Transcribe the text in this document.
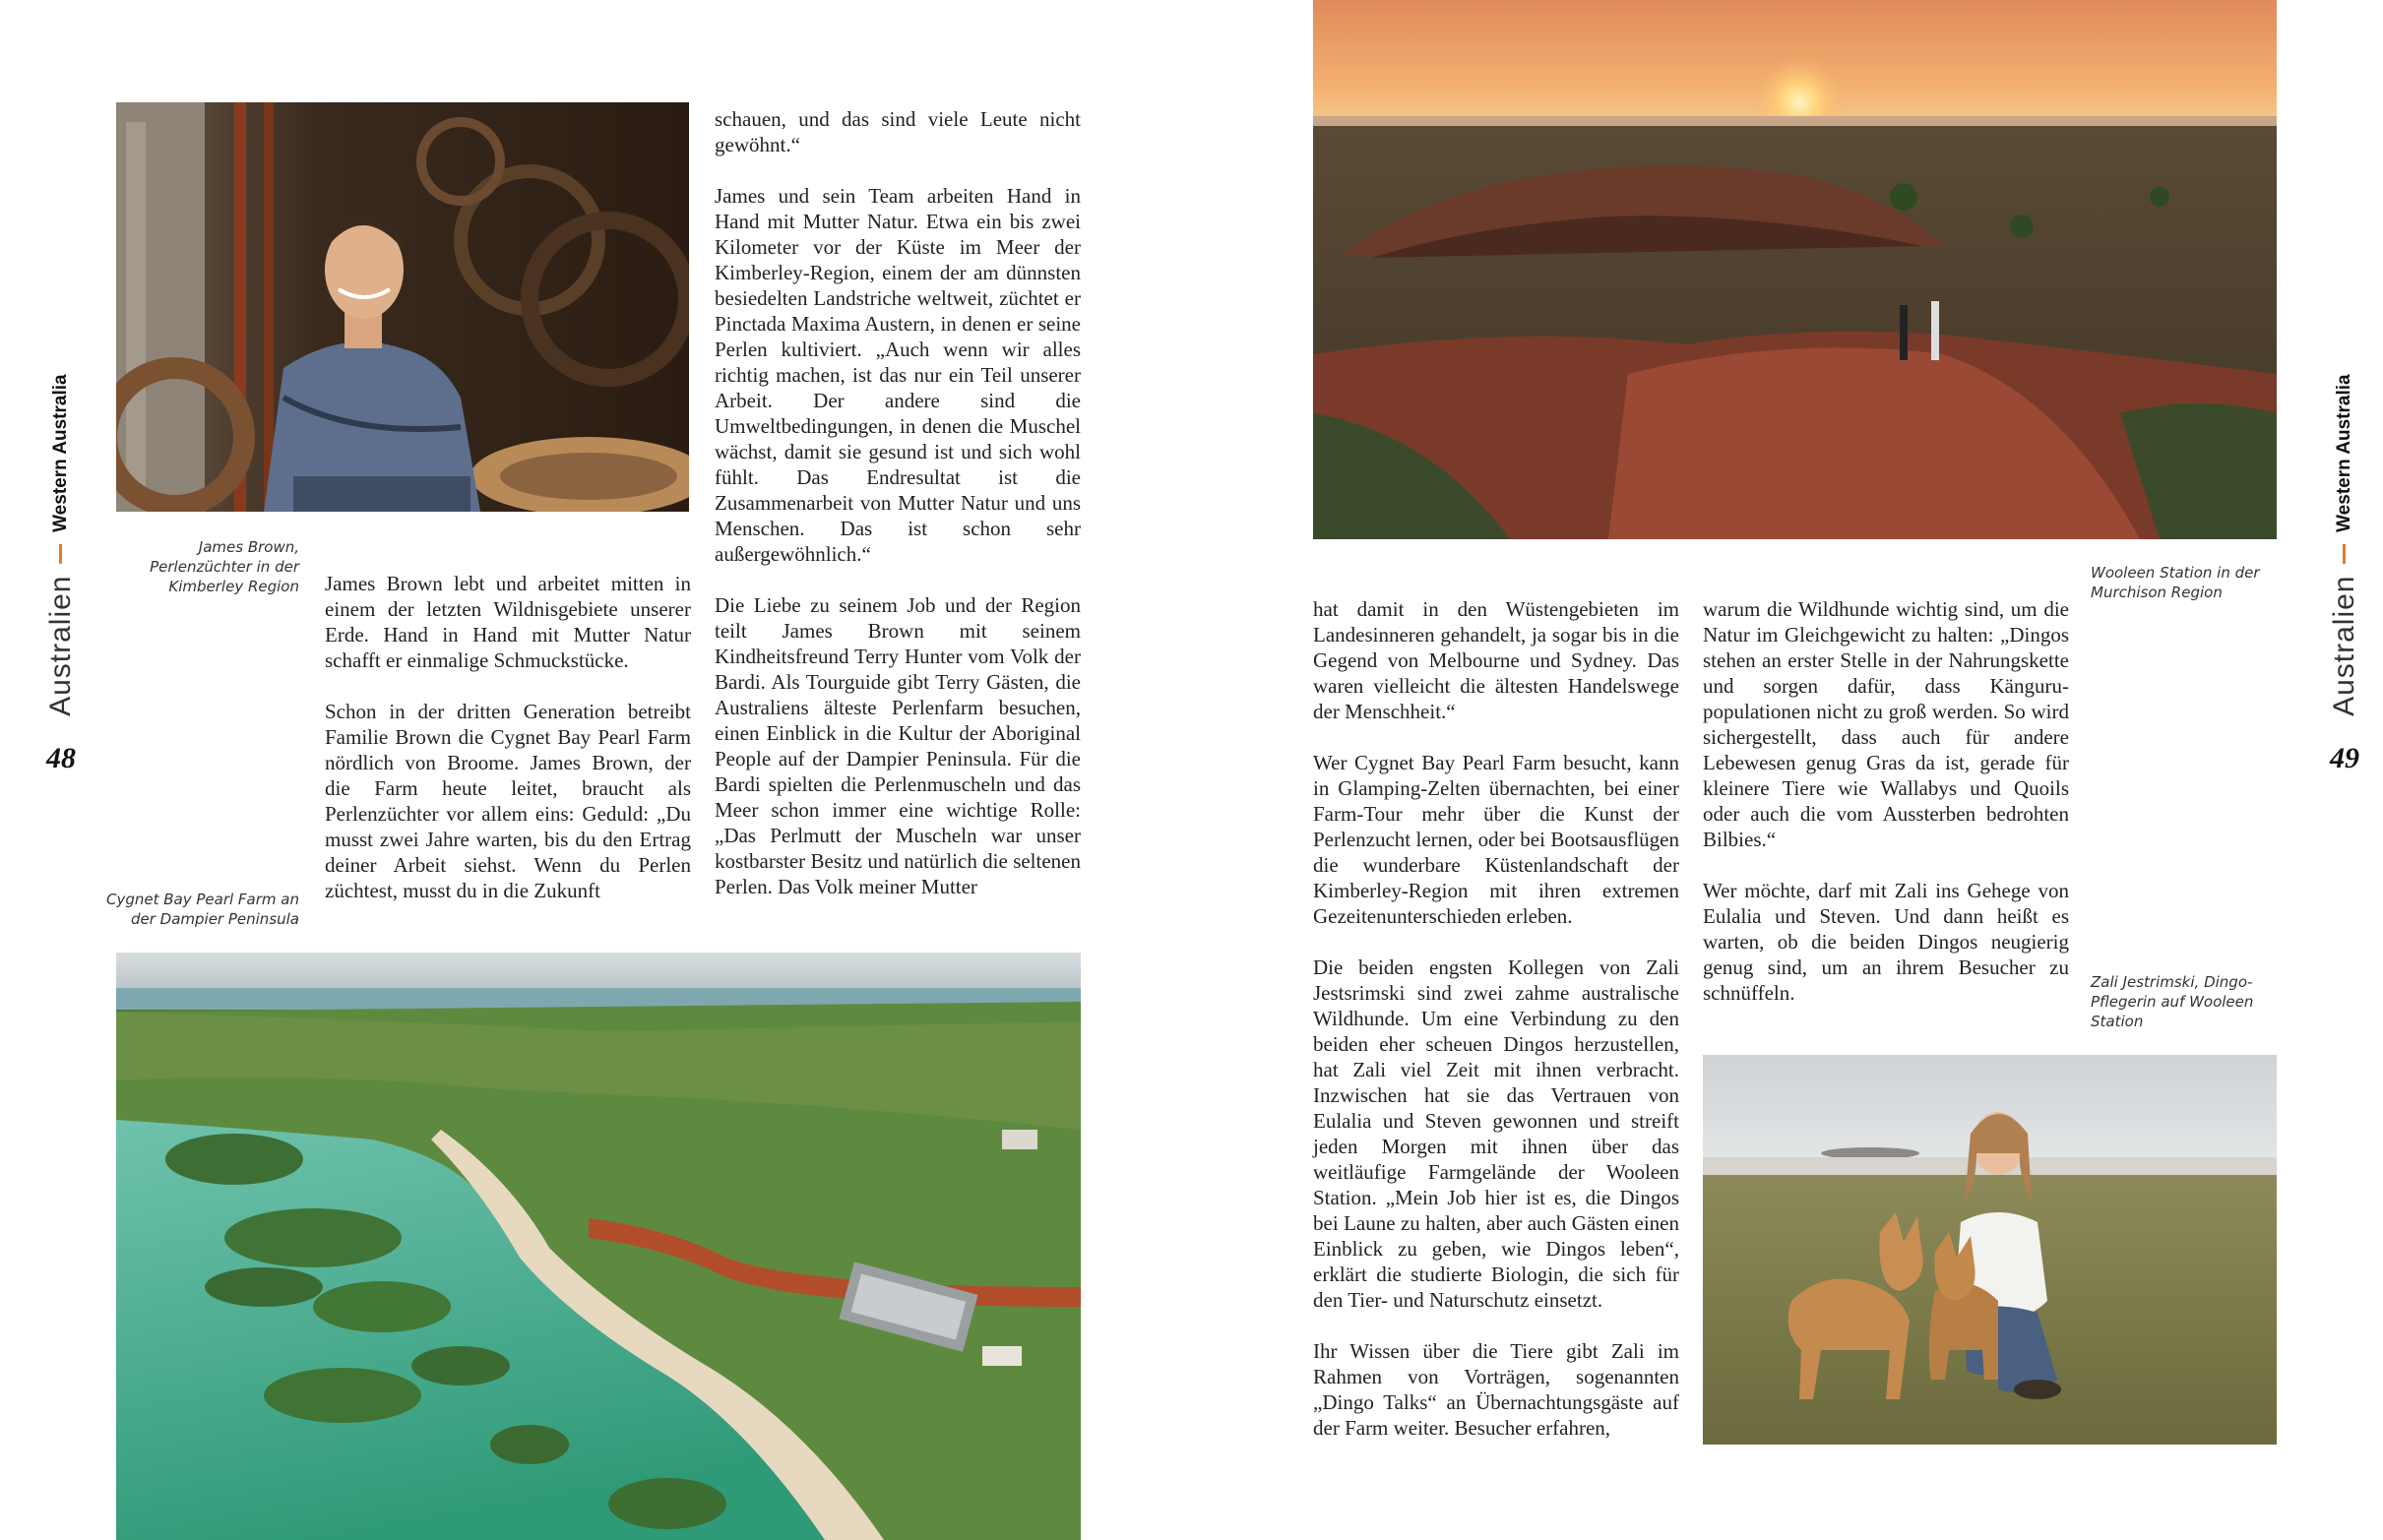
Australien
Western Australia
48
Australien
Western Australia
49
James Brown,
Perlenzüchter in der
Kimberley Region James Brown lebt und arbeitet mitten in einem der letzten Wildnisgebiete unserer Erde. Hand in Hand mit Mutter Natur schafft er einmalige Schmuckstücke.

Schon in der dritten Generation betreibt Familie Brown die Cygnet Bay Pearl Farm nördlich von Broome. James Brown, der die Farm heute leitet, braucht als Perlenzüchter vor allem eins: Geduld: „Du musst zwei Jahre warten, bis du den Ertrag deiner Arbeit siehst. Wenn du Perlen züchtest, musst du in die Zukunft

Cygnet Bay Pearl Farm an
der Dampier Peninsula

schauen, und das sind viele Leute nicht gewöhnt.“

James und sein Team arbeiten Hand in Hand mit Mutter Natur. Etwa ein bis zwei Kilometer vor der Küste im Meer der Kimberley-Region, einem der am dünnsten besiedelten Landstriche weltweit, züchtet er Pinctada Maxima Austern, in denen er seine Perlen kultiviert. „Auch wenn wir alles richtig machen, ist das nur ein Teil unserer Arbeit. Der andere sind die Umweltbedingungen, in denen die Muschel wächst, damit sie gesund ist und sich wohl fühlt. Das Endresultat ist die Zusammenarbeit von Mutter Natur und uns Menschen. Das ist schon sehr außergewöhnlich.“

Die Liebe zu seinem Job und der Region teilt James Brown mit seinem Kindheitsfreund Terry Hunter vom Volk der Bardi. Als Tourguide gibt Terry Gästen, die Australiens älteste Perlenfarm besuchen, einen Einblick in die Kultur der Aboriginal People auf der Dampier Peninsula. Für die Bardi spielten die Perlenmuscheln und das Meer schon immer eine wichtige Rolle: „Das Perlmutt der Muscheln war unser kostbarster Besitz und natürlich die seltenen Perlen. Das Volk meiner Mutter

Wooleen Station in der
Murchison Region

hat damit in den Wüstengebieten im Landesinneren gehandelt, ja sogar bis in die Gegend von Melbourne und Sydney. Das waren vielleicht die ältesten Handelswege der Menschheit.“

Wer Cygnet Bay Pearl Farm besucht, kann in Glamping-Zelten übernachten, bei einer Farm-Tour mehr über die Kunst der Perlenzucht lernen, oder bei Bootsausflügen die wunderbare Küstenlandschaft der Kimberley-Region mit ihren extremen Gezeitenunterschieden erleben.

Die beiden engsten Kollegen von Zali Jestsrimski sind zwei zahme australische Wildhunde. Um eine Verbindung zu den beiden eher scheuen Dingos herzustellen, hat Zali viel Zeit mit ihnen verbracht. Inzwischen hat sie das Vertrauen von Eulalia und Steven gewonnen und streift jeden Morgen mit ihnen über das weitläufige Farmgelände der Wooleen Station. „Mein Job hier ist es, die Dingos bei Laune zu halten, aber auch Gästen einen Einblick zu geben, wie Dingos leben“, erklärt die studierte Biologin, die sich für den Tier- und Naturschutz einsetzt.

Ihr Wissen über die Tiere gibt Zali im Rahmen von Vorträgen, sogenannten „Dingo Talks“ an Übernachtungsgäste auf der Farm weiter. Besucher erfahren,

warum die Wildhunde wichtig sind, um die Natur im Gleichgewicht zu halten: „Dingos stehen an erster Stelle in der Nahrungskette und sorgen dafür, dass Kängurupopulationen nicht zu groß werden. So wird sichergestellt, dass auch für andere Lebewesen genug Gras da ist, gerade für kleinere Tiere wie Wallabys und Quoils oder auch die vom Aussterben bedrohten Bilbies.“

Wer möchte, darf mit Zali ins Gehege von Eulalia und Steven. Und dann heißt es warten, ob die beiden Dingos neugierig genug sind, um an ihrem Besucher zu schnüffeln.	Zali Jestrimski, Dingo-
Pflegerin auf Wooleen
Station
